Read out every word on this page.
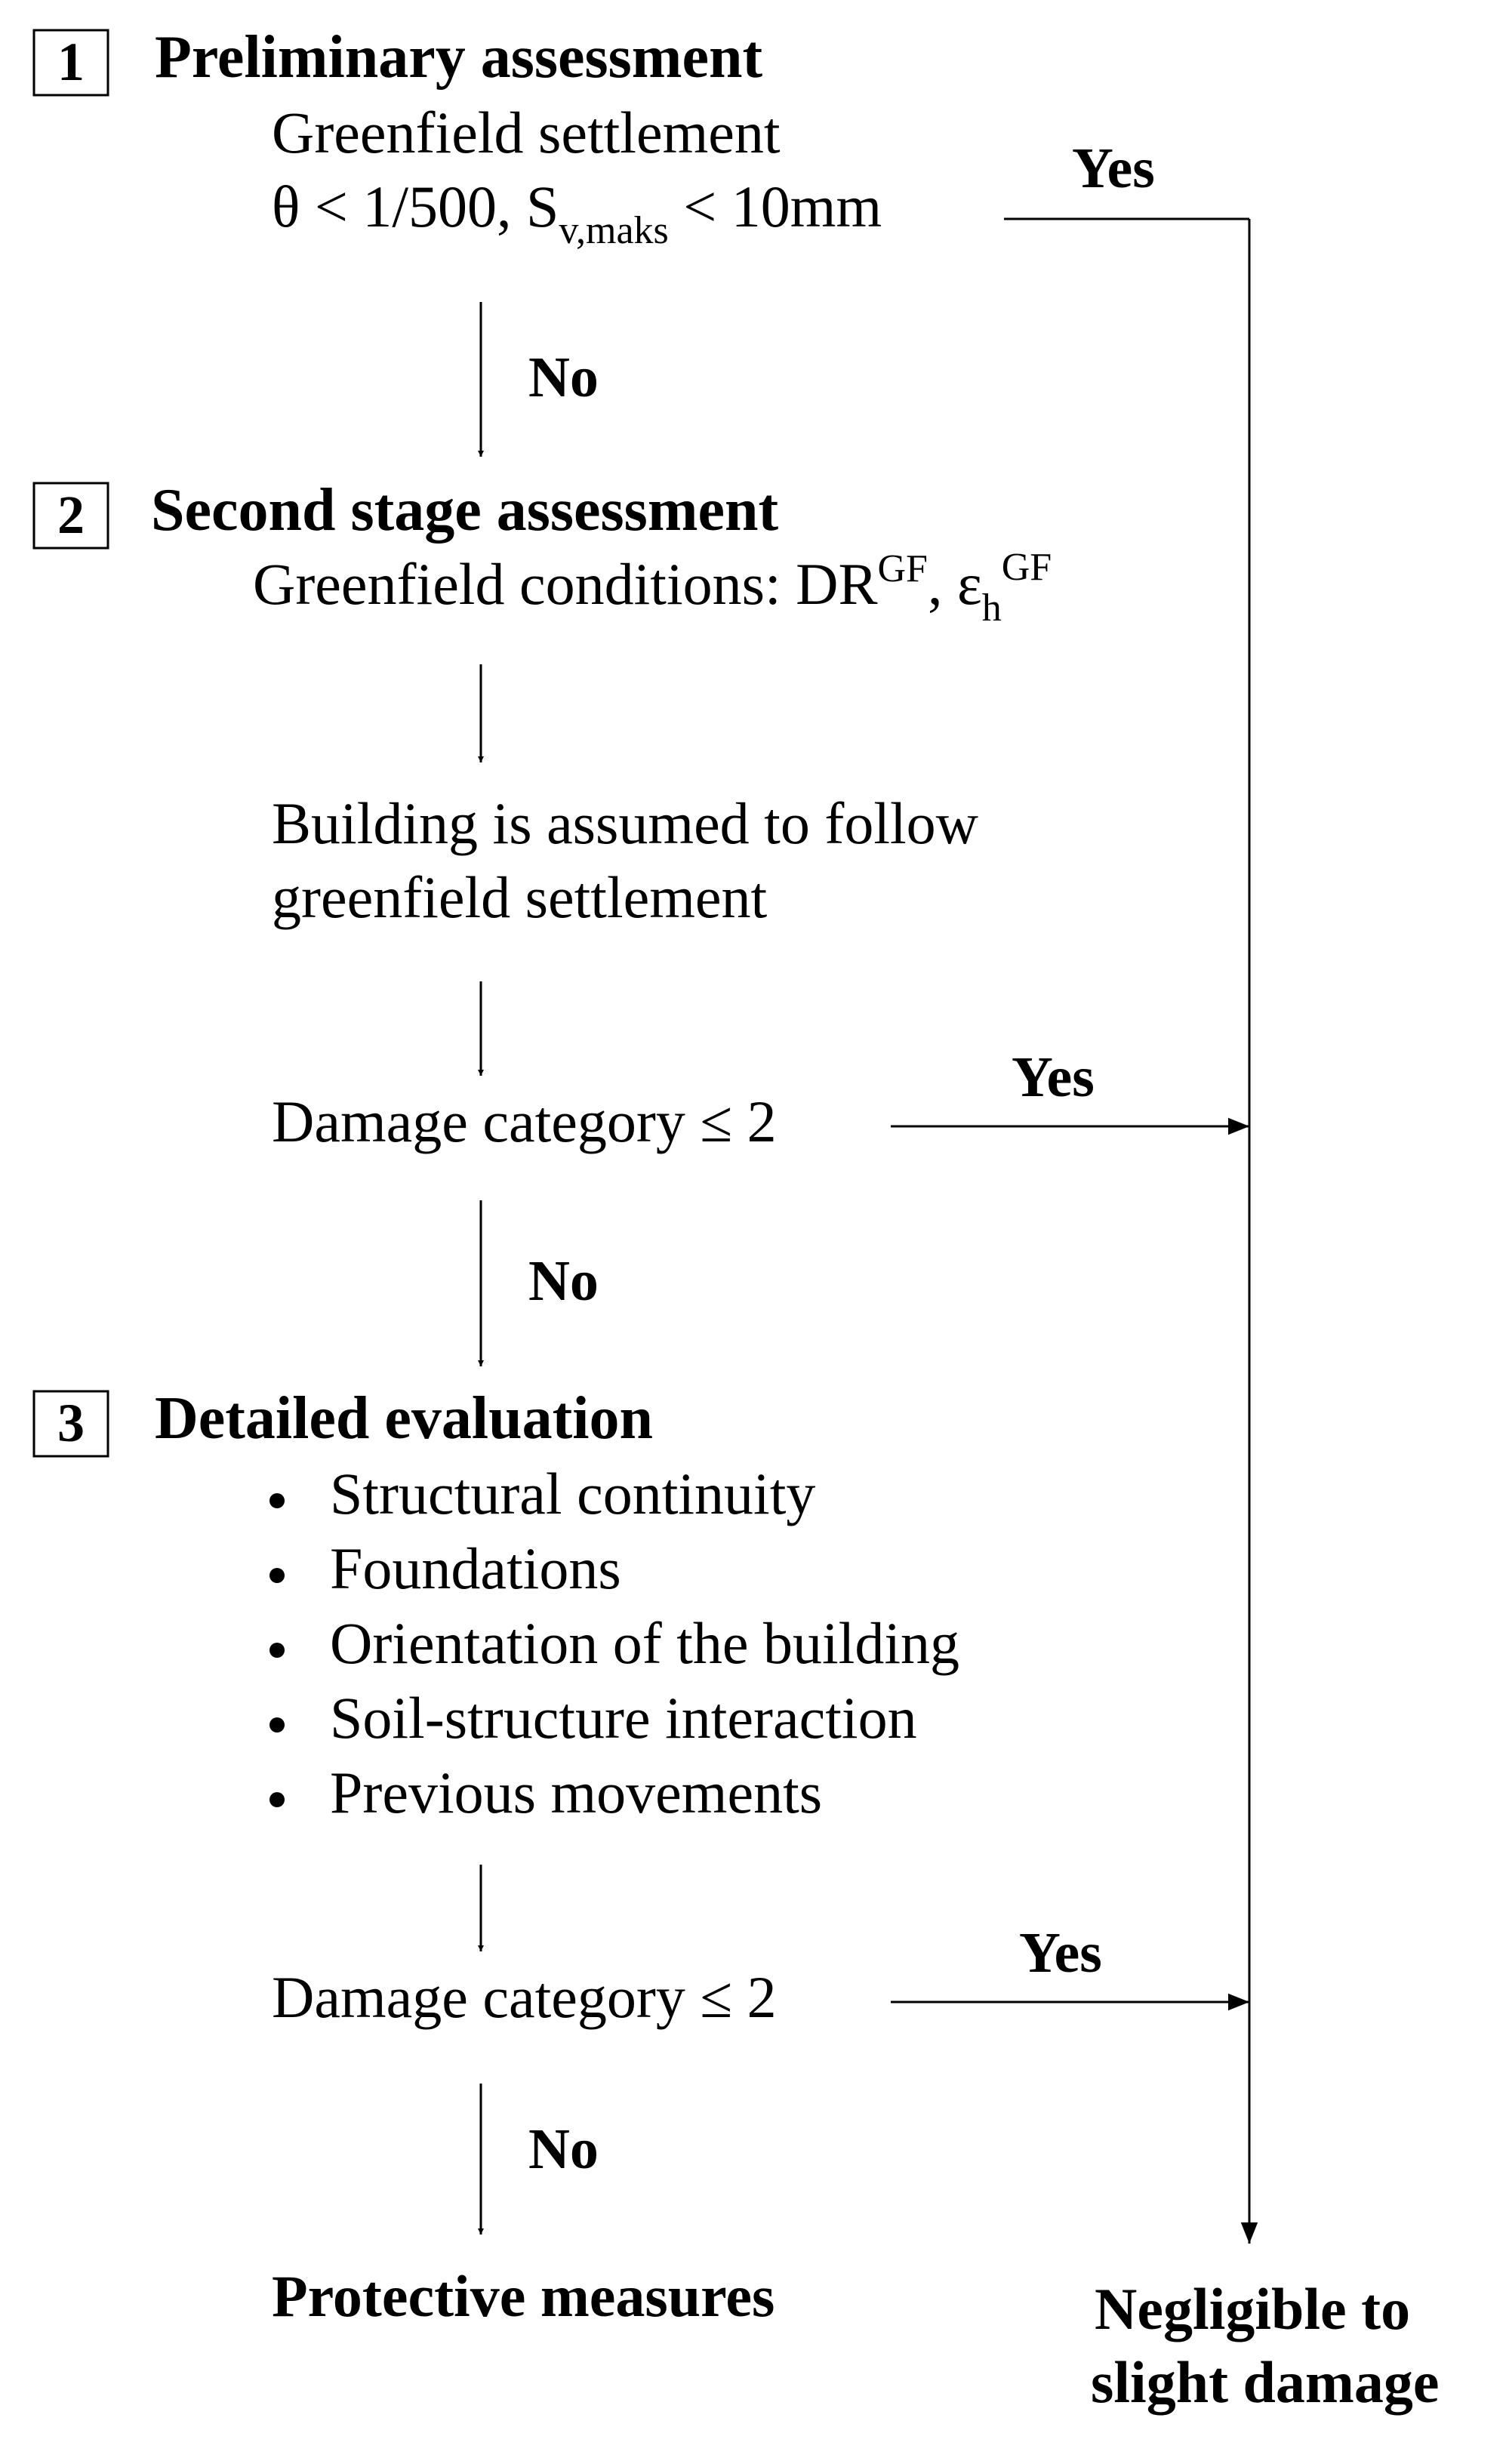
1 Preliminary assessment
Greenfield settlement
θ < 1/500, $S_{v,maks} < 10mm$
Yes
No
2 Second stage assessment
Greenfield conditions: $DR^{GF}$, $\varepsilon_h^{GF}$
Building is assumed to follow
greenfield settlement
Damage category ≤ 2
Yes
No
3 Detailed evaluation
Structural continuity
Foundations
Orientation of the building
Soil-structure interaction
Previous movements
Damage category ≤ 2
Yes
No
Protective measures	Negligible to
slight damage
